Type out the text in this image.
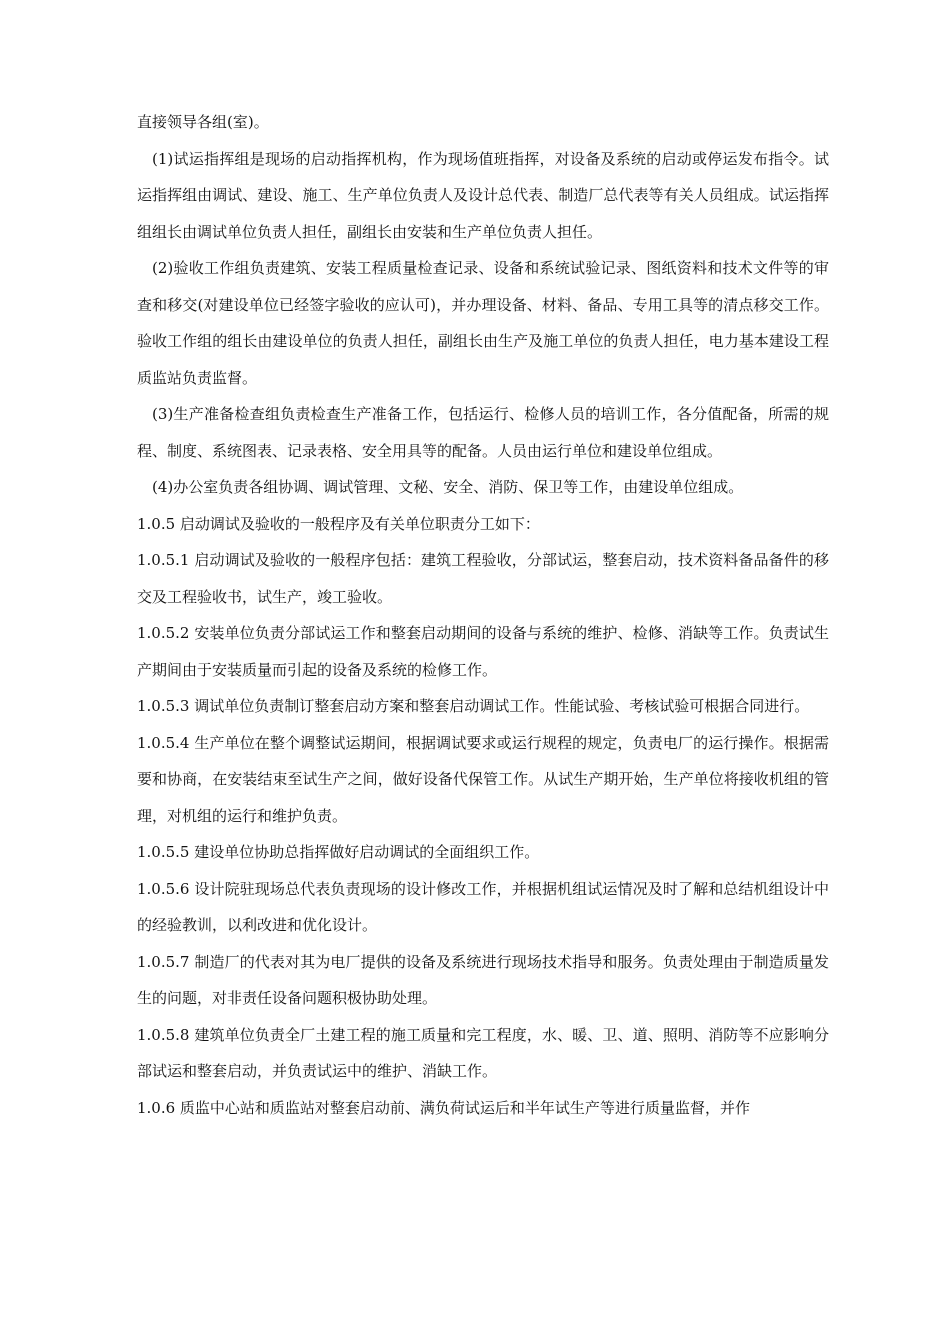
直接领导各组(室)。

(1)试运指挥组是现场的启动指挥机构，作为现场值班指挥，对设备及系统的启动或停运发布指令。试运指挥组由调试、建设、施工、生产单位负责人及设计总代表、制造厂总代表等有关人员组成。试运指挥组组长由调试单位负责人担任，副组长由安装和生产单位负责人担任。

(2)验收工作组负责建筑、安装工程质量检查记录、设备和系统试验记录、图纸资料和技术文件等的审查和移交(对建设单位已经签字验收的应认可)，并办理设备、材料、备品、专用工具等的清点移交工作。验收工作组的组长由建设单位的负责人担任，副组长由生产及施工单位的负责人担任，电力基本建设工程质监站负责监督。

(3)生产准备检查组负责检查生产准备工作，包括运行、检修人员的培训工作，各分值配备，所需的规程、制度、系统图表、记录表格、安全用具等的配备。人员由运行单位和建设单位组成。

(4)办公室负责各组协调、调试管理、文秘、安全、消防、保卫等工作，由建设单位组成。

1.0.5 启动调试及验收的一般程序及有关单位职责分工如下：

1.0.5.1 启动调试及验收的一般程序包括：建筑工程验收，分部试运，整套启动，技术资料备品备件的移交及工程验收书，试生产，竣工验收。

1.0.5.2 安装单位负责分部试运工作和整套启动期间的设备与系统的维护、检修、消缺等工作。负责试生产期间由于安装质量而引起的设备及系统的检修工作。

1.0.5.3 调试单位负责制订整套启动方案和整套启动调试工作。性能试验、考核试验可根据合同进行。

1.0.5.4 生产单位在整个调整试运期间，根据调试要求或运行规程的规定，负责电厂的运行操作。根据需要和协商，在安装结束至试生产之间，做好设备代保管工作。从试生产期开始，生产单位将接收机组的管理，对机组的运行和维护负责。

1.0.5.5 建设单位协助总指挥做好启动调试的全面组织工作。

1.0.5.6 设计院驻现场总代表负责现场的设计修改工作，并根据机组试运情况及时了解和总结机组设计中的经验教训，以利改进和优化设计。

1.0.5.7 制造厂的代表对其为电厂提供的设备及系统进行现场技术指导和服务。负责处理由于制造质量发生的问题，对非责任设备问题积极协助处理。

1.0.5.8 建筑单位负责全厂土建工程的施工质量和完工程度，水、暖、卫、道、照明、消防等不应影响分部试运和整套启动，并负责试运中的维护、消缺工作。

1.0.6 质监中心站和质监站对整套启动前、满负荷试运后和半年试生产等进行质量监督，并作
